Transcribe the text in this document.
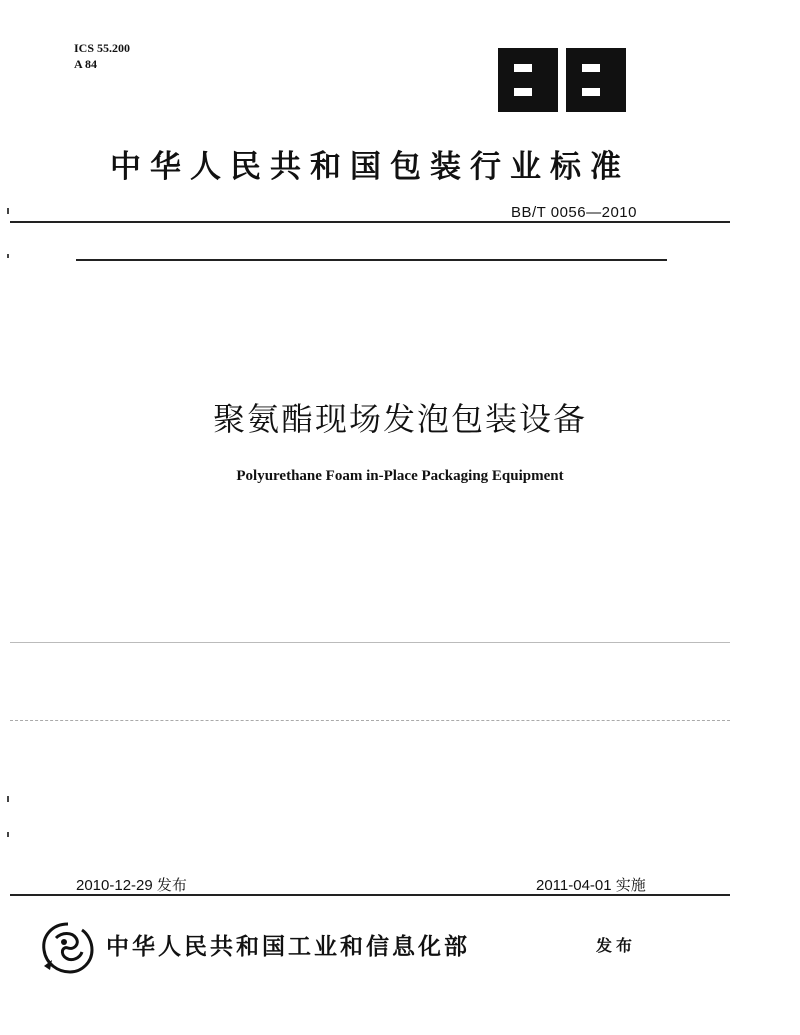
ICS 55.200
A 84
中华人民共和国包装行业标准
BB/T 0056—2010
聚氨酯现场发泡包装设备
Polyurethane Foam in-Place Packaging Equipment
2010-12-29 发布	2011-04-01 实施
中华人民共和国工业和信息化部	发布
